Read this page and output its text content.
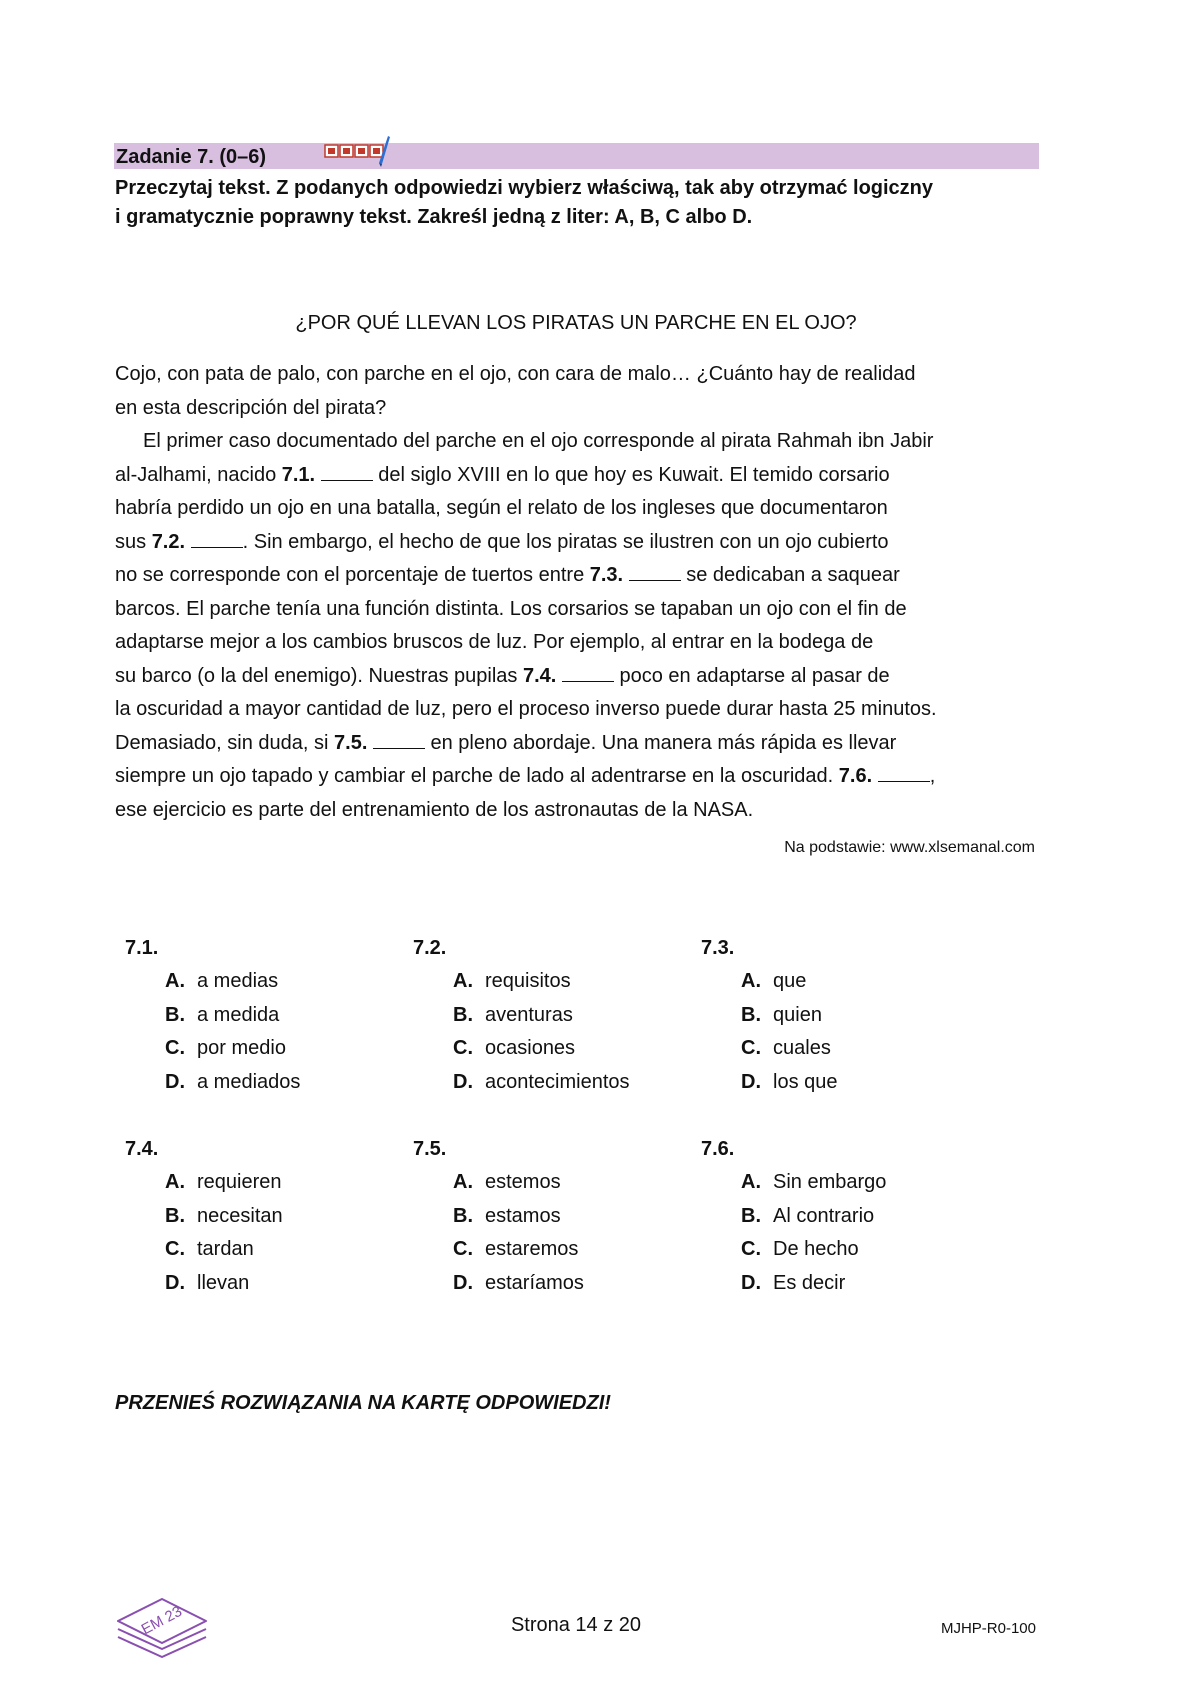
Zadanie 7. (0–6)
Przeczytaj tekst. Z podanych odpowiedzi wybierz właściwą, tak aby otrzymać logiczny
i gramatycznie poprawny tekst. Zakreśl jedną z liter: A, B, C albo D.
¿POR QUÉ LLEVAN LOS PIRATAS UN PARCHE EN EL OJO?
Cojo, con pata de palo, con parche en el ojo, con cara de malo… ¿Cuánto hay de realidad
en esta descripción del pirata?
El primer caso documentado del parche en el ojo corresponde al pirata Rahmah ibn Jabir
al-Jalhami, nacido 7.1.	del siglo XVIII en lo que hoy es Kuwait. El temido corsario
habría perdido un ojo en una batalla, según el relato de los ingleses que documentaron
sus 7.2.	. Sin embargo, el hecho de que los piratas se ilustren con un ojo cubierto
no se corresponde con el porcentaje de tuertos entre 7.3.	se dedicaban a saquear
barcos. El parche tenía una función distinta. Los corsarios se tapaban un ojo con el fin de
adaptarse mejor a los cambios bruscos de luz. Por ejemplo, al entrar en la bodega de
su barco (o la del enemigo). Nuestras pupilas 7.4.	poco en adaptarse al pasar de
la oscuridad a mayor cantidad de luz, pero el proceso inverso puede durar hasta 25 minutos.
Demasiado, sin duda, si 7.5.	en pleno abordaje. Una manera más rápida es llevar
siempre un ojo tapado y cambiar el parche de lado al adentrarse en la oscuridad. 7.6.	,
ese ejercicio es parte del entrenamiento de los astronautas de la NASA.
Na podstawie: www.xlsemanal.com
7.1.
A. a medias
B. a medida
C. por medio
D. a mediados
7.2.
A. requisitos
B. aventuras
C. ocasiones
D. acontecimientos
7.3.
A. que
B. quien
C. cuales
D. los que
7.4.
A. requieren
B. necesitan
C. tardan
D. llevan
7.5.
A. estemos
B. estamos
C. estaremos
D. estaríamos
7.6.
A. Sin embargo
B. Al contrario
C. De hecho
D. Es decir
PRZENIEŚ ROZWIĄZANIA NA KARTĘ ODPOWIEDZI!
EM 23	Strona 14 z 20	MJHP-R0-100
